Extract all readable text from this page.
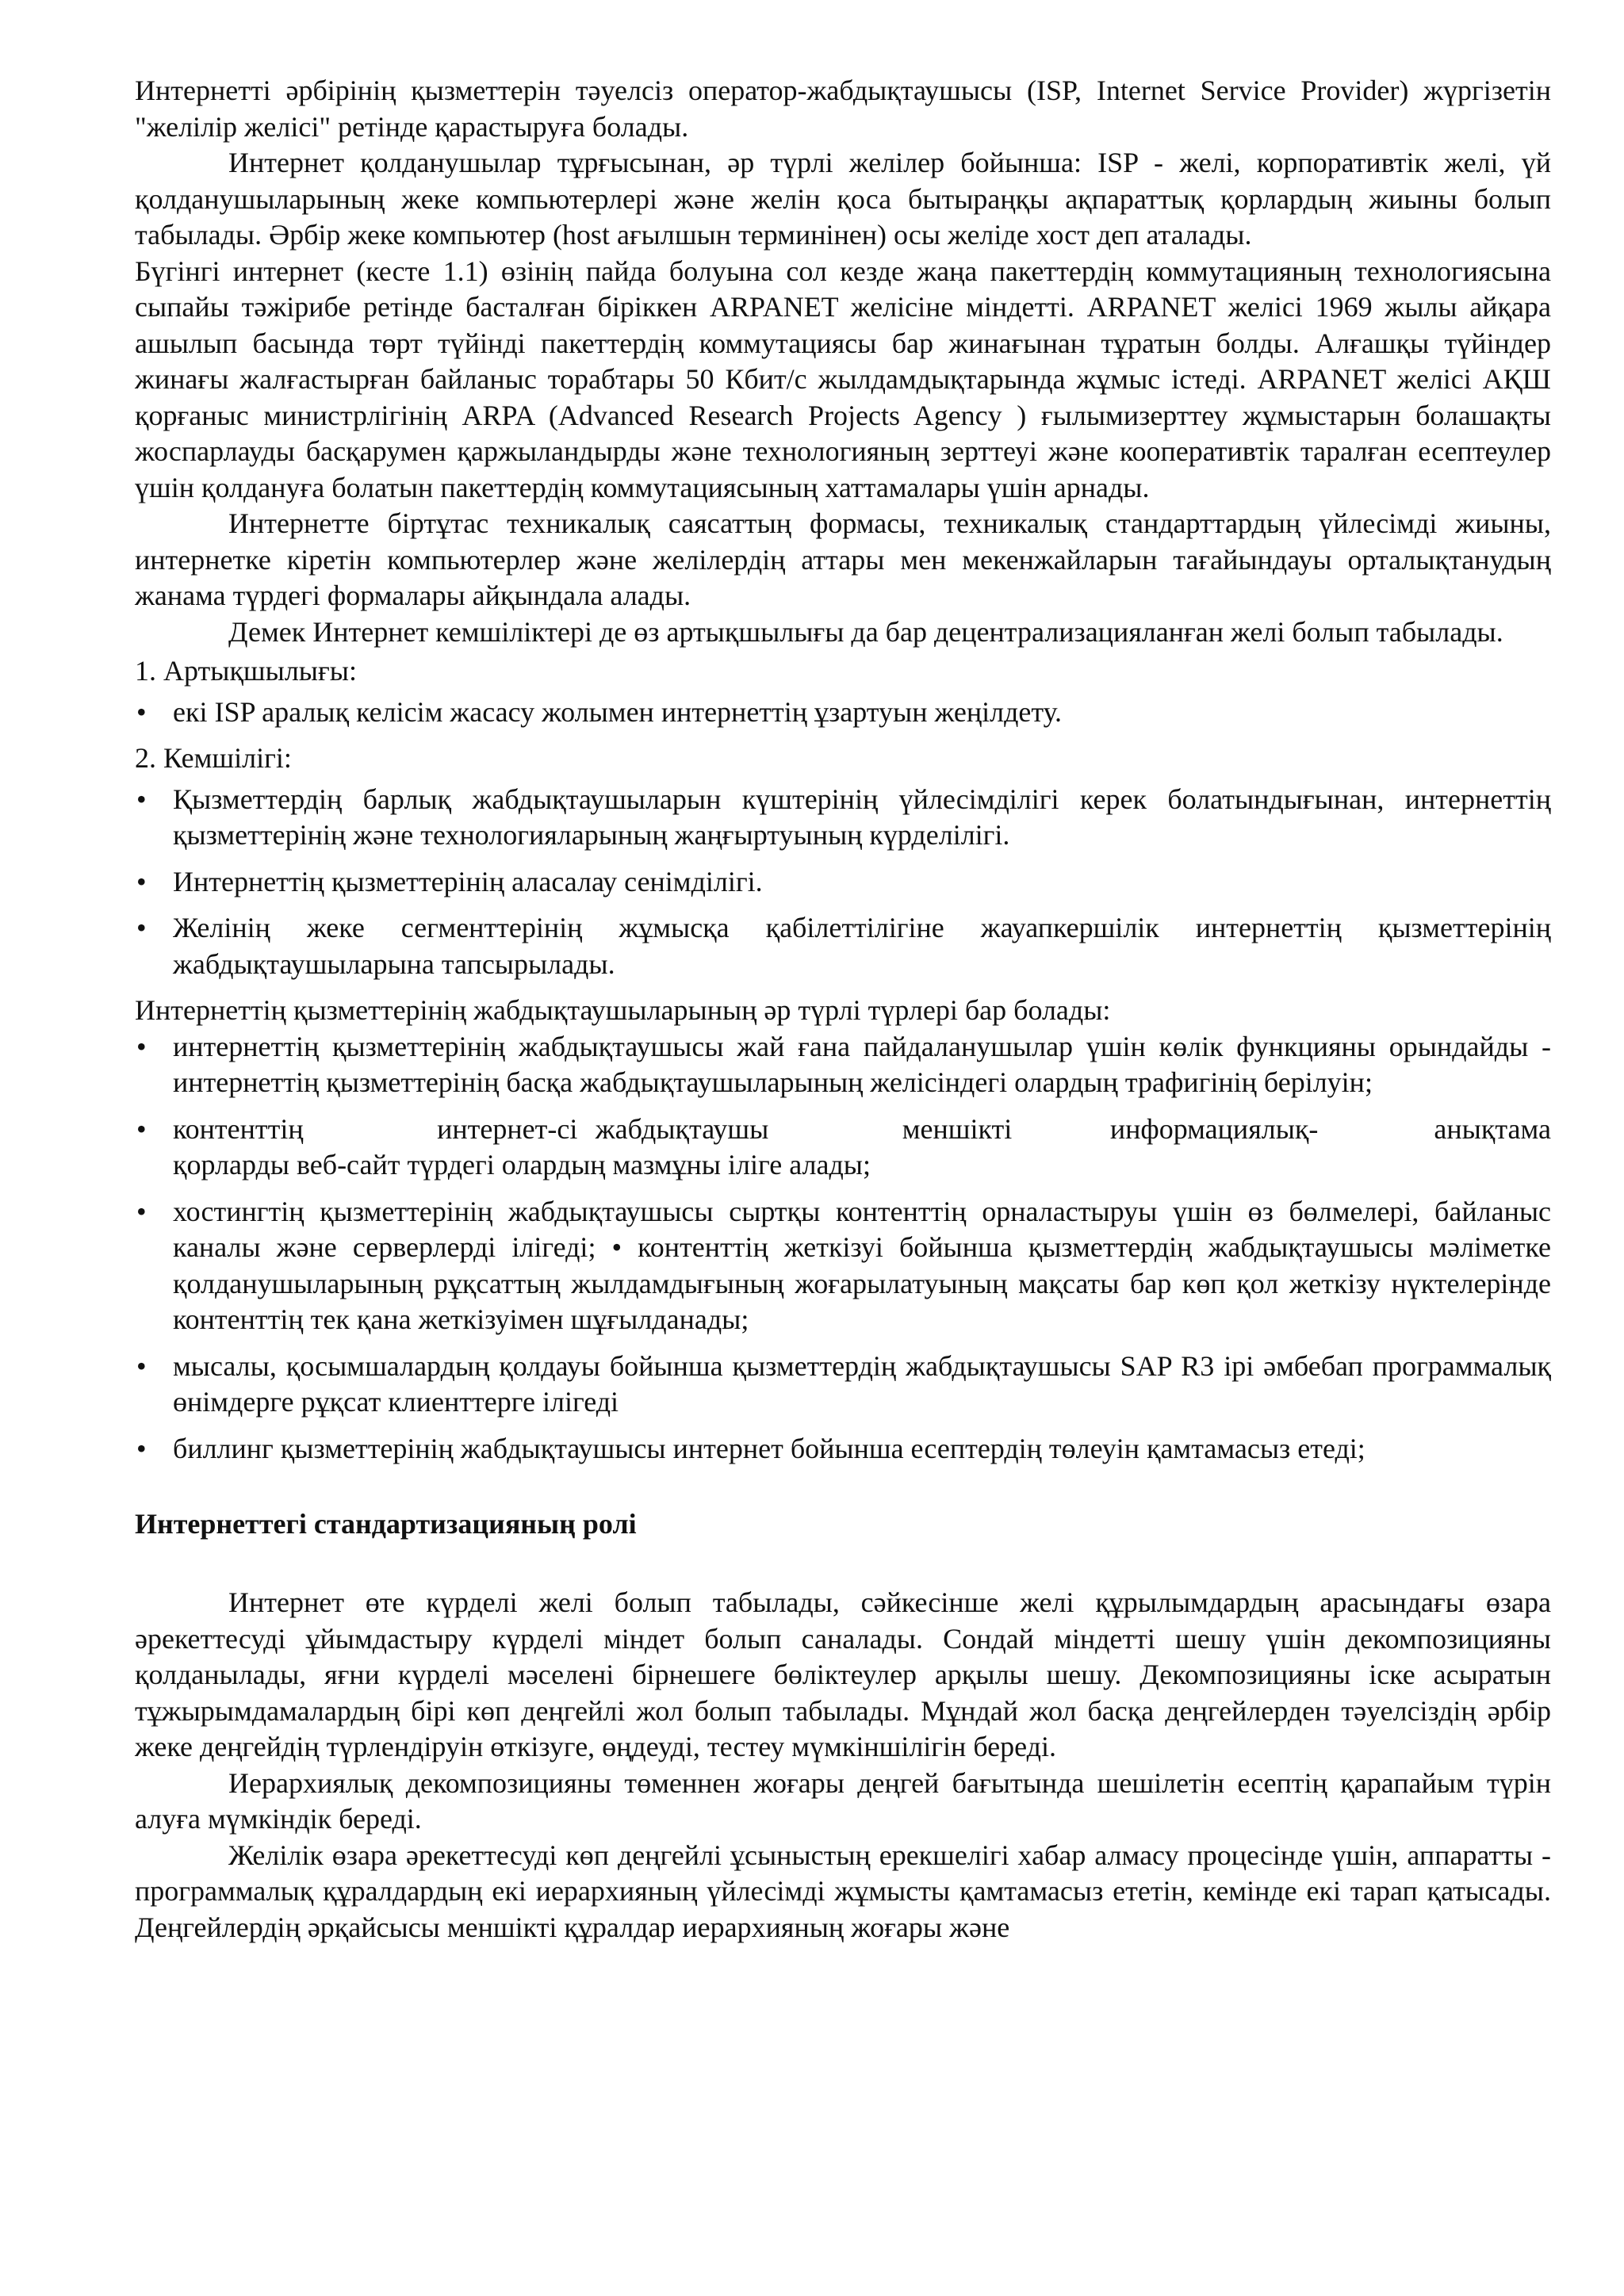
Интернетті әрбірінің қызметтерін тәуелсіз оператор-жабдықтаушысы (ISP, Internet Service Provider) жүргізетін "желілір желісі" ретінде қарастыруға болады.

Интернет қолданушылар тұрғысынан, әр түрлі желілер бойынша: ISP - желі, корпоративтік желі, үй қолданушыларының жеке компьютерлері және желін қоса бытыраңқы ақпараттық қорлардың жиыны болып табылады. Әрбір жеке компьютер (host ағылшын терминінен) осы желіде хост деп аталады.

Бүгінгі интернет (кесте 1.1) өзінің пайда болуына сол кезде жаңа пакеттердің коммутацияның технологиясына сыпайы тәжірибе ретінде басталған біріккен ARPANET желісіне міндетті. ARPANET желісі 1969 жылы айқара ашылып басында төрт түйінді пакеттердің коммутациясы бар жинағынан тұратын болды. Алғашқы түйіндер жинағы жалғастырған байланыс торабтары 50 Кбит/с жылдамдықтарында жұмыс істеді. ARPANET желісі АҚШ қорғаныс министрлігінің ARPA (Advanced Research Projects Agency ) ғылымизерттеу жұмыстарын болашақты жоспарлауды басқарумен қаржыландырды және технологияның зерттеуі және кооперативтік таралған есептеулер үшін қолдануға болатын пакеттердің коммутациясының хаттамалары үшін арнады.

Интернетте біртұтас техникалық саясаттың формасы, техникалық стандарттардың үйлесімді жиыны, интернетке кіретін компьютерлер және желілердің аттары мен мекенжайларын тағайындауы орталықтанудың жанама түрдегі формалары айқындала алады.

Демек Интернет кемшіліктері де өз артықшылығы да бар децентрализацияланған желі болып табылады.

1. Артықшылығы:
• екі ISP аралық келісім жасасу жолымен интернеттің ұзартуын жеңілдету.
2. Кемшілігі:
• Қызметтердің барлық жабдықтаушыларын күштерінің үйлесімділігі керек болатындығынан, интернеттің қызметтерінің және технологияларының жаңғыртуының күрделілігі.
• Интернеттің қызметтерінің аласалау сенімділігі.
• Желінің жеке сегменттерінің жұмысқа қабілеттілігіне жауапкершілік интернеттің қызметтерінің жабдықтаушыларына тапсырылады.

Интернеттің қызметтерінің жабдықтаушыларының әр түрлі түрлері бар болады:

• интернеттің қызметтерінің жабдықтаушысы жай ғана пайдаланушылар үшін көлік функцияны орындайды - интернеттің қызметтерінің басқа жабдықтаушыларының желісіндегі олардың трафигінің берілуін;
• контенттің               интернет-сі  жабдықтаушы               меншікті           информациялық-             анықтама қорларды веб-сайт түрдегі олардың мазмұны іліге алады;
• хостингтің қызметтерінің жабдықтаушысы сыртқы контенттің орналастыруы үшін өз бөлмелері, байланыс каналы және серверлерді ілігеді; • контенттің жеткізуі бойынша қызметтердің жабдықтаушысы мәліметке қолданушыларының рұқсаттың жылдамдығының жоғарылатуының мақсаты бар көп қол жеткізу нүктелерінде контенттің тек қана жеткізуімен шұғылданады;
• мысалы, қосымшалардың қолдауы бойынша қызметтердің жабдықтаушысы SAP R3 ірі әмбебап программалық өнімдерге рұқсат клиенттерге ілігеді
• биллинг қызметтерінің жабдықтаушысы интернет бойынша есептердің төлеуін қамтамасыз етеді;
Интернеттегі стандартизацияның ролі

Интернет өте күрделі желі болып табылады, сәйкесінше желі құрылымдардың арасындағы өзара әрекеттесуді ұйымдастыру күрделі міндет болып саналады. Сондай міндетті шешу үшін декомпозицияны қолданылады, яғни күрделі мәселені бірнешеге бөліктеулер арқылы шешу. Декомпозицияны іске асыратын тұжырымдамалардың бірі көп деңгейлі жол болып табылады. Мұндай жол басқа деңгейлерден тәуелсіздің әрбір жеке деңгейдің түрлендіруін өткізуге, өңдеуді, тестеу мүмкіншілігін береді.

Иерархиялық декомпозицияны төменнен жоғары деңгей бағытында шешілетін есептің қарапайым түрін алуға мүмкіндік береді.

Желілік өзара әрекеттесуді көп деңгейлі ұсыныстың ерекшелігі хабар алмасу процесінде үшін, аппаратты - программалық құралдардың екі иерархияның үйлесімді жұмысты қамтамасыз ететін, кемінде екі тарап қатысады. Деңгейлердің әрқайсысы меншікті құралдар иерархияның жоғары және
